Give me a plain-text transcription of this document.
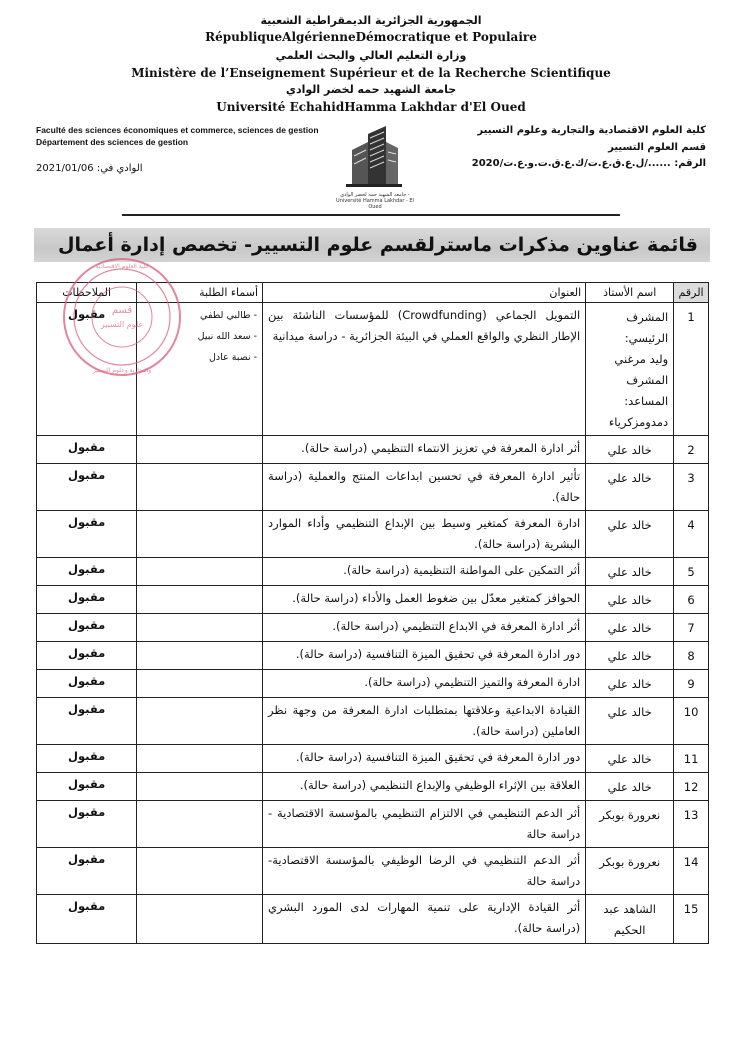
الجمهورية الجزائرية الديمقراطية الشعبية
RépubliqueAlgérienneDémocratique et Populaire
وزارة التعليم العالي والبحث العلمي
Ministère de l’Enseignement Supérieur et de la Recherche Scientifique
جامعة الشهيد حمه لخضر الوادي
Université EchahidHamma Lakhdar d'El Oued
Faculté des sciences économiques et commerce, sciences de gestion
Département des sciences de gestion
الوادي في: 2021/01/06
كلية العلوم الاقتصادية والتجارية وعلوم التسيير
قسم العلوم التسيير
الرقم: ....../ل.ع.ق.ع.ت/ك.ع.ق.ت.و.ع.ت/2020
جامعة الشهيد حمه لخضر الوادي - Université Hamma Lakhdar - El Oued
قائمة عناوين مذكرات ماسترلقسم علوم التسيير- تخصص إدارة أعمال
الرقم	اسم الأستاذ	العنوان	أسماء الطلبة	الملاحظات
1	المشرف الرئيسي:
وليد مرغني
المشرف المساعد:
دمدومزكرياء	التمويل الجماعي (Crowdfunding) للمؤسسات الناشئة بين الإطار النظري والواقع العملي في البيئة الجزائرية - دراسة ميدانية	- طالبي لطفي
- سعد الله نبيل
- نصبة عادل	مقبول
2	خالد علي	أثر ادارة المعرفة في تعزيز الانتماء التنظيمي (دراسة حالة).		مقبول
3	خالد علي	تأثير ادارة المعرفة في تحسين ابداعات المنتج والعملية (دراسة حالة).		مقبول
4	خالد علي	ادارة المعرفة كمتغير وسيط بين الإبداع التنظيمي وأداء الموارد البشرية (دراسة حالة).		مقبول
5	خالد علي	أثر التمكين على المواطنة التنظيمية (دراسة حالة).		مقبول
6	خالد علي	الحوافز كمتغير معدّل بين ضغوط العمل والأداء (دراسة حالة).		مقبول
7	خالد علي	أثر ادارة المعرفة في الابداع التنظيمي (دراسة حالة).		مقبول
8	خالد علي	دور ادارة المعرفة في تحقيق الميزة التنافسية (دراسة حالة).		مقبول
9	خالد علي	ادارة المعرفة والتميز التنظيمي (دراسة حالة).		مقبول
10	خالد علي	القيادة الابداعية وعلاقتها بمتطلبات ادارة المعرفة من وجهة نظر العاملين (دراسة حالة).		مقبول
11	خالد علي	دور ادارة المعرفة في تحقيق الميزة التنافسية (دراسة حالة).		مقبول
12	خالد علي	العلاقة بين الإثراء الوظيفي والإبداع التنظيمي (دراسة حالة).		مقبول
13	نعرورة بوبكر	أثر الدعم التنظيمي في الالتزام التنظيمي بالمؤسسة الاقتصادية - دراسة حالة		مقبول
14	نعرورة بوبكر	أثر الدعم التنظيمي في الرضا الوظيفي بالمؤسسة الاقتصادية- دراسة حالة		مقبول
15	الشاهد عبد الحكيم	أثر القيادة الإدارية على تنمية المهارات لدى المورد البشري (دراسة حالة).		مقبول
قسم
علوم التسيير
كلية العلوم الاقتصادية
والتجارية وعلوم التسيير
